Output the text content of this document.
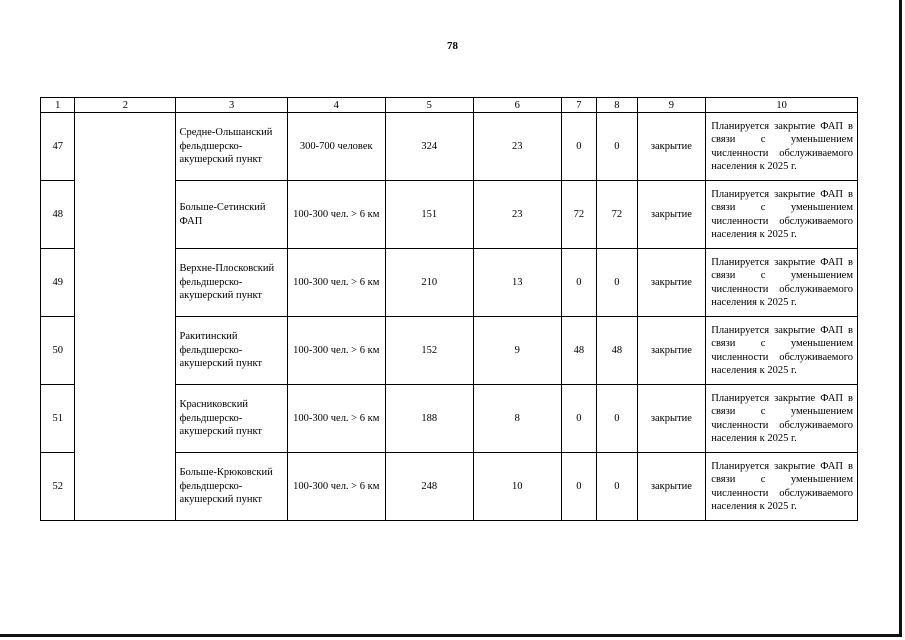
78
1	2	3	4	5	6	7	8	9	10
47		Средне-Ольшанский фельдшерско-акушерский пункт	300-700 человек	324	23	0	0	закрытие	Планируется закрытие ФАП в связи с уменьшением численности обслуживаемого населения к 2025 г.
48		Больше-Сетинский ФАП	100-300 чел. > 6 км	151	23	72	72	закрытие	Планируется закрытие ФАП в связи с уменьшением численности обслуживаемого населения к 2025 г.
49		Верхне-Плосковский фельдшерско-акушерский пункт	100-300 чел. > 6 км	210	13	0	0	закрытие	Планируется закрытие ФАП в связи с уменьшением численности обслуживаемого населения к 2025 г.
50		Ракитинский фельдшерско-акушерский пункт	100-300 чел. > 6 км	152	9	48	48	закрытие	Планируется закрытие ФАП в связи с уменьшением численности обслуживаемого населения к 2025 г.
51		Красниковский фельдшерско-акушерский пункт	100-300 чел. > 6 км	188	8	0	0	закрытие	Планируется закрытие ФАП в связи с уменьшением численности обслуживаемого населения к 2025 г.
52		Больше-Крюковский фельдшерско-акушерский пункт	100-300 чел. > 6 км	248	10	0	0	закрытие	Планируется закрытие ФАП в связи с уменьшением численности обслуживаемого населения к 2025 г.
